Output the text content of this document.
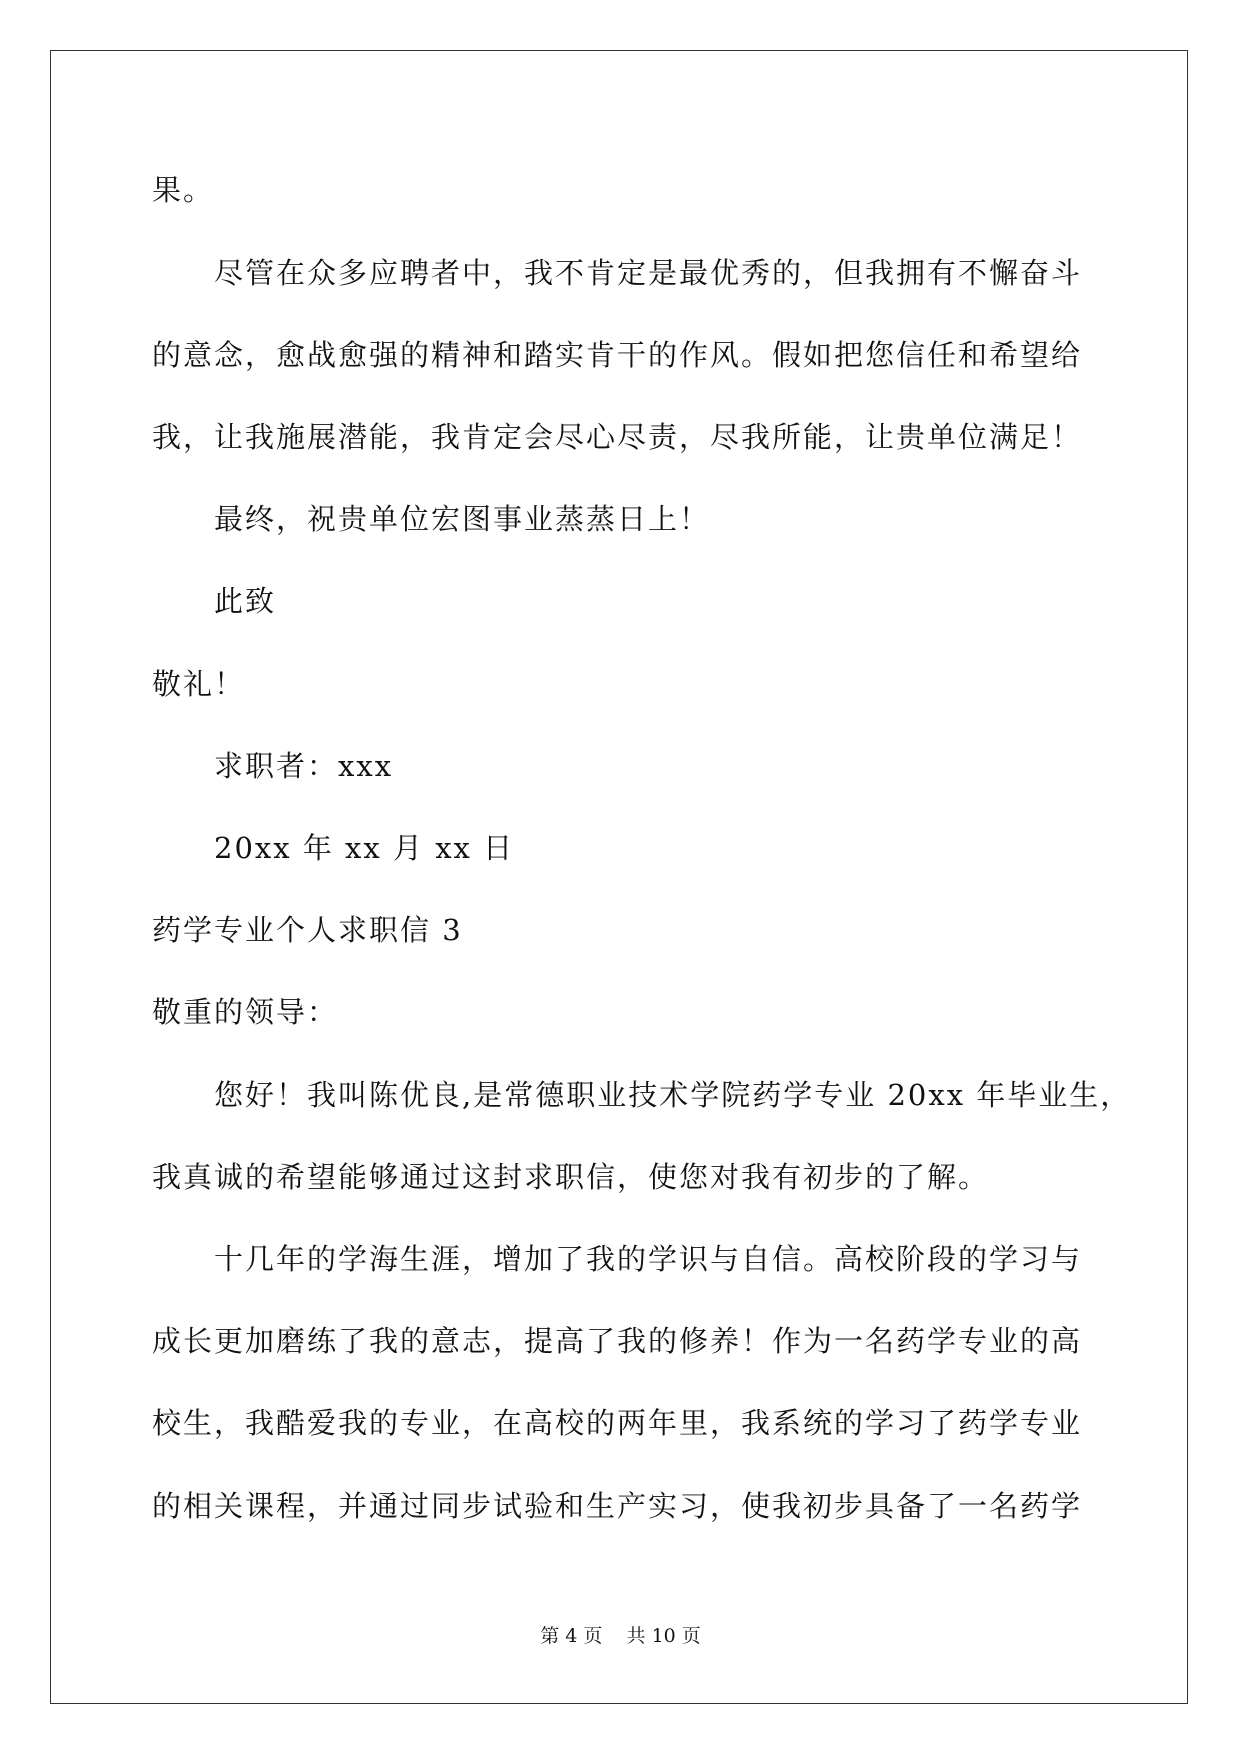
果。
尽管在众多应聘者中，我不肯定是最优秀的，但我拥有不懈奋斗
的意念，愈战愈强的精神和踏实肯干的作风。假如把您信任和希望给
我，让我施展潜能，我肯定会尽心尽责，尽我所能，让贵单位满足！
最终，祝贵单位宏图事业蒸蒸日上！
此致
敬礼！
求职者：xxx
20xx 年 xx 月 xx 日
药学专业个人求职信 3
敬重的领导：
您好！我叫陈优良,是常德职业技术学院药学专业 20xx 年毕业生，
我真诚的希望能够通过这封求职信，使您对我有初步的了解。
十几年的学海生涯，增加了我的学识与自信。高校阶段的学习与
成长更加磨练了我的意志，提高了我的修养！作为一名药学专业的高
校生，我酷爱我的专业，在高校的两年里，我系统的学习了药学专业
的相关课程，并通过同步试验和生产实习，使我初步具备了一名药学
第 4 页    共 10 页
